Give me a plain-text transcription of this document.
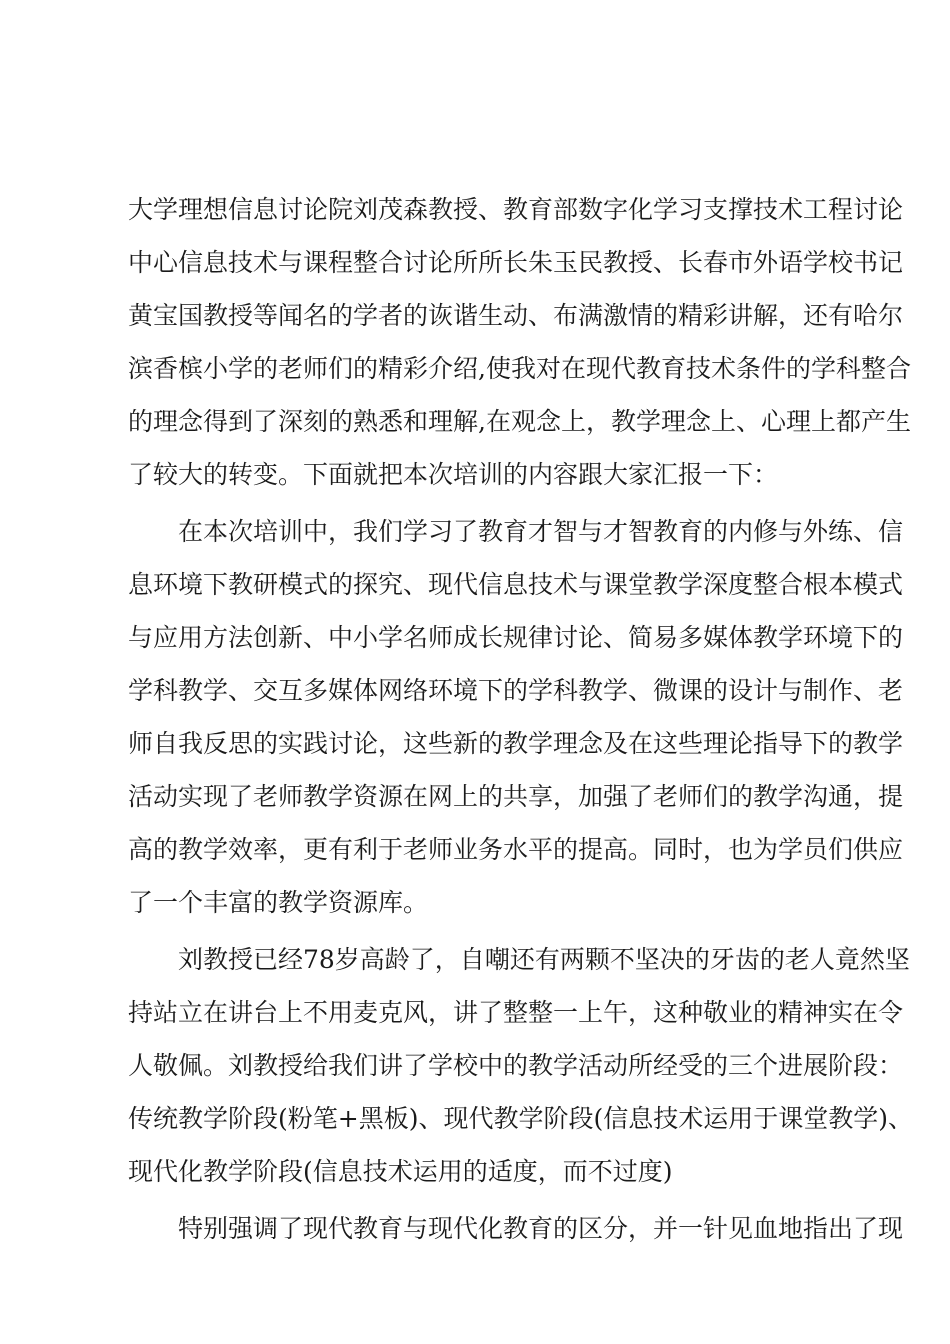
大学理想信息讨论院刘茂森教授、教育部数字化学习支撑技术工程讨论
中心信息技术与课程整合讨论所所长朱玉民教授、长春市外语学校书记
黄宝国教授等闻名的学者的诙谐生动、布满激情的精彩讲解，还有哈尔
滨香槟小学的老师们的精彩介绍,使我对在现代教育技术条件的学科整合
的理念得到了深刻的熟悉和理解,在观念上，教学理念上、心理上都产生
了较大的转变。下面就把本次培训的内容跟大家汇报一下：
在本次培训中，我们学习了教育才智与才智教育的内修与外练、信
息环境下教研模式的探究、现代信息技术与课堂教学深度整合根本模式
与应用方法创新、中小学名师成长规律讨论、简易多媒体教学环境下的
学科教学、交互多媒体网络环境下的学科教学、微课的设计与制作、老
师自我反思的实践讨论，这些新的教学理念及在这些理论指导下的教学
活动实现了老师教学资源在网上的共享，加强了老师们的教学沟通，提
高的教学效率，更有利于老师业务水平的提高。同时，也为学员们供应
了一个丰富的教学资源库。
刘教授已经78岁高龄了，自嘲还有两颗不坚决的牙齿的老人竟然坚
持站立在讲台上不用麦克风，讲了整整一上午，这种敬业的精神实在令
人敬佩。刘教授给我们讲了学校中的教学活动所经受的三个进展阶段：
传统教学阶段(粉笔+黑板)、现代教学阶段(信息技术运用于课堂教学)、
现代化教学阶段(信息技术运用的适度，而不过度)
特别强调了现代教育与现代化教育的区分，并一针见血地指出了现
